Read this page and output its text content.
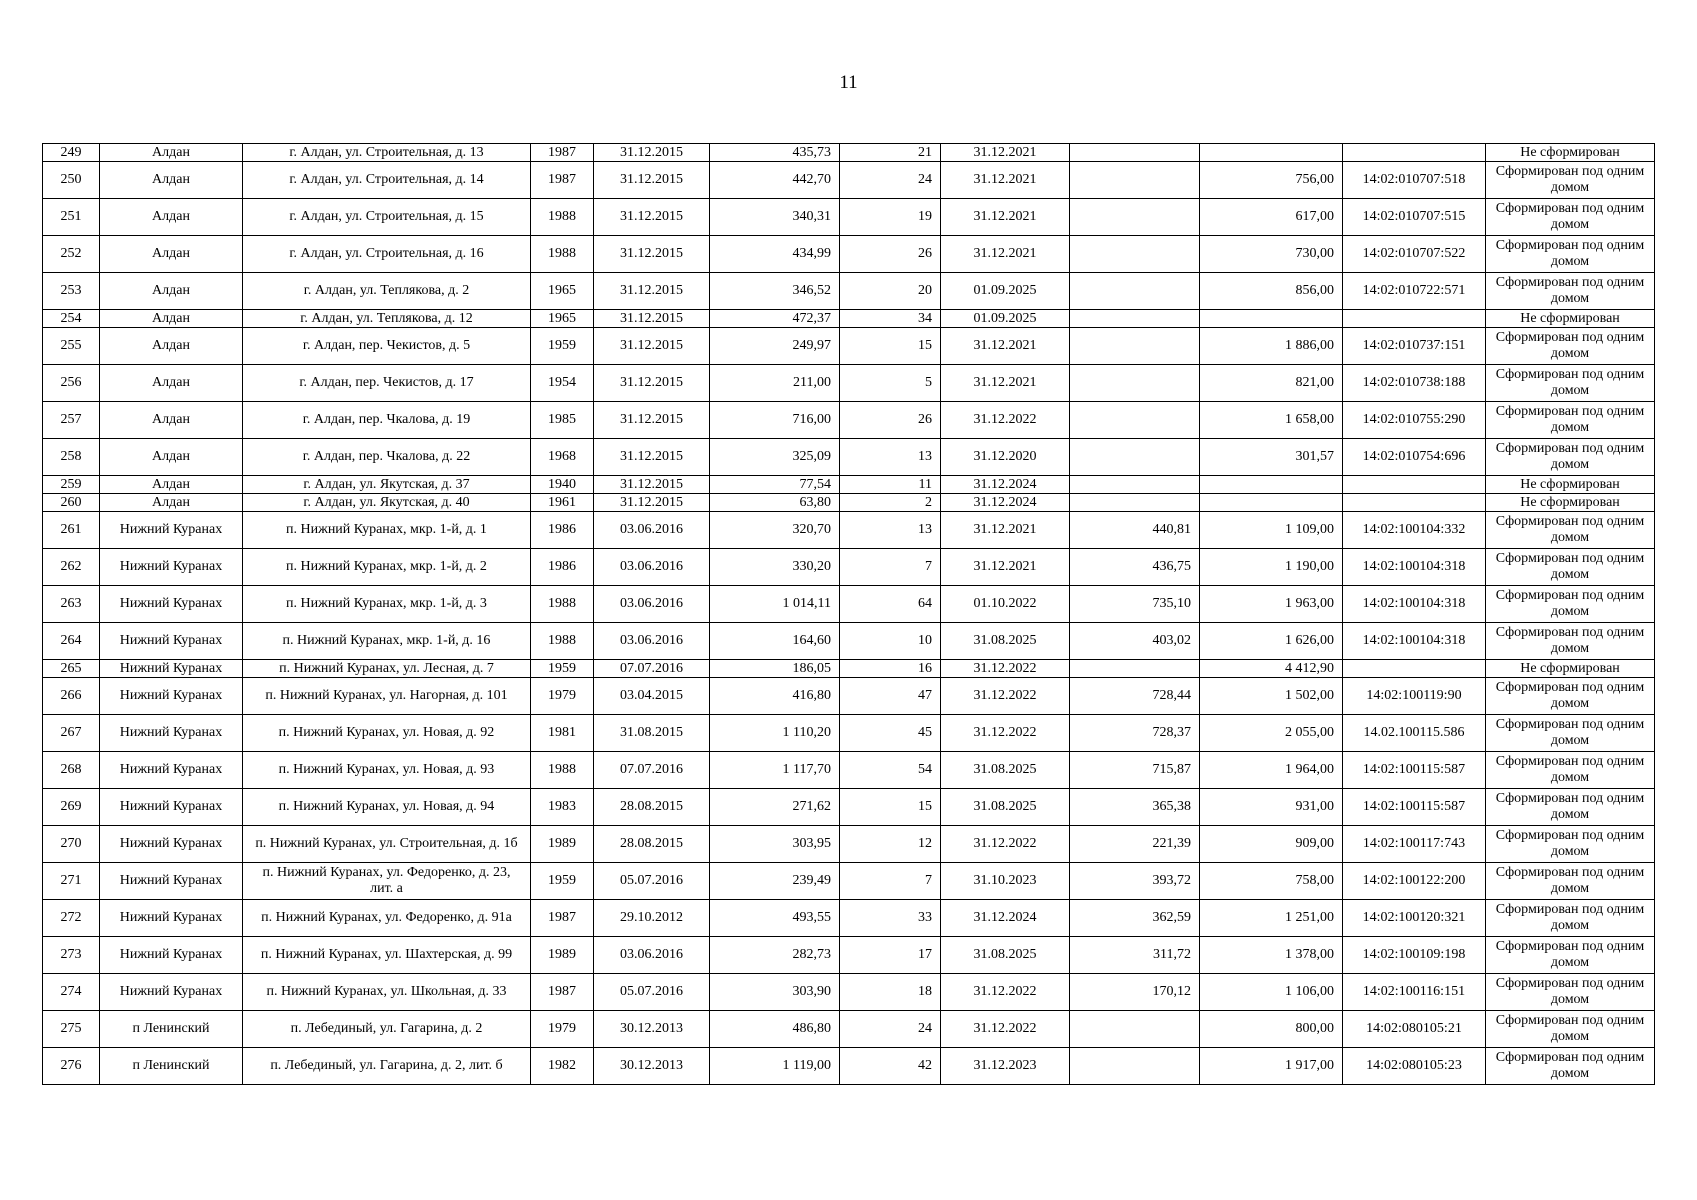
11
249	Алдан	г. Алдан, ул. Строительная, д. 13	1987	31.12.2015	435,73	21	31.12.2021				Не сформирован
250	Алдан	г. Алдан, ул. Строительная, д. 14	1987	31.12.2015	442,70	24	31.12.2021		756,00	14:02:010707:518	Сформирован под одним домом
251	Алдан	г. Алдан, ул. Строительная, д. 15	1988	31.12.2015	340,31	19	31.12.2021		617,00	14:02:010707:515	Сформирован под одним домом
252	Алдан	г. Алдан, ул. Строительная, д. 16	1988	31.12.2015	434,99	26	31.12.2021		730,00	14:02:010707:522	Сформирован под одним домом
253	Алдан	г. Алдан, ул. Теплякова, д. 2	1965	31.12.2015	346,52	20	01.09.2025		856,00	14:02:010722:571	Сформирован под одним домом
254	Алдан	г. Алдан, ул. Теплякова, д. 12	1965	31.12.2015	472,37	34	01.09.2025				Не сформирован
255	Алдан	г. Алдан, пер. Чекистов, д. 5	1959	31.12.2015	249,97	15	31.12.2021		1 886,00	14:02:010737:151	Сформирован под одним домом
256	Алдан	г. Алдан, пер. Чекистов, д. 17	1954	31.12.2015	211,00	5	31.12.2021		821,00	14:02:010738:188	Сформирован под одним домом
257	Алдан	г. Алдан, пер. Чкалова, д. 19	1985	31.12.2015	716,00	26	31.12.2022		1 658,00	14:02:010755:290	Сформирован под одним домом
258	Алдан	г. Алдан, пер. Чкалова, д. 22	1968	31.12.2015	325,09	13	31.12.2020		301,57	14:02:010754:696	Сформирован под одним домом
259	Алдан	г. Алдан, ул. Якутская, д. 37	1940	31.12.2015	77,54	11	31.12.2024				Не сформирован
260	Алдан	г. Алдан, ул. Якутская, д. 40	1961	31.12.2015	63,80	2	31.12.2024				Не сформирован
261	Нижний Куранах	п. Нижний Куранах, мкр. 1-й, д. 1	1986	03.06.2016	320,70	13	31.12.2021	440,81	1 109,00	14:02:100104:332	Сформирован под одним домом
262	Нижний Куранах	п. Нижний Куранах, мкр. 1-й, д. 2	1986	03.06.2016	330,20	7	31.12.2021	436,75	1 190,00	14:02:100104:318	Сформирован под одним домом
263	Нижний Куранах	п. Нижний Куранах, мкр. 1-й, д. 3	1988	03.06.2016	1 014,11	64	01.10.2022	735,10	1 963,00	14:02:100104:318	Сформирован под одним домом
264	Нижний Куранах	п. Нижний Куранах, мкр. 1-й, д. 16	1988	03.06.2016	164,60	10	31.08.2025	403,02	1 626,00	14:02:100104:318	Сформирован под одним домом
265	Нижний Куранах	п. Нижний Куранах, ул. Лесная, д. 7	1959	07.07.2016	186,05	16	31.12.2022		4 412,90		Не сформирован
266	Нижний Куранах	п. Нижний Куранах, ул. Нагорная, д. 101	1979	03.04.2015	416,80	47	31.12.2022	728,44	1 502,00	14:02:100119:90	Сформирован под одним домом
267	Нижний Куранах	п. Нижний Куранах, ул. Новая, д. 92	1981	31.08.2015	1 110,20	45	31.12.2022	728,37	2 055,00	14.02.100115.586	Сформирован под одним домом
268	Нижний Куранах	п. Нижний Куранах, ул. Новая, д. 93	1988	07.07.2016	1 117,70	54	31.08.2025	715,87	1 964,00	14:02:100115:587	Сформирован под одним домом
269	Нижний Куранах	п. Нижний Куранах, ул. Новая, д. 94	1983	28.08.2015	271,62	15	31.08.2025	365,38	931,00	14:02:100115:587	Сформирован под одним домом
270	Нижний Куранах	п. Нижний Куранах, ул. Строительная, д. 1б	1989	28.08.2015	303,95	12	31.12.2022	221,39	909,00	14:02:100117:743	Сформирован под одним домом
271	Нижний Куранах	п. Нижний Куранах, ул. Федоренко, д. 23, лит. а	1959	05.07.2016	239,49	7	31.10.2023	393,72	758,00	14:02:100122:200	Сформирован под одним домом
272	Нижний Куранах	п. Нижний Куранах, ул. Федоренко, д. 91а	1987	29.10.2012	493,55	33	31.12.2024	362,59	1 251,00	14:02:100120:321	Сформирован под одним домом
273	Нижний Куранах	п. Нижний Куранах, ул. Шахтерская, д. 99	1989	03.06.2016	282,73	17	31.08.2025	311,72	1 378,00	14:02:100109:198	Сформирован под одним домом
274	Нижний Куранах	п. Нижний Куранах, ул. Школьная, д. 33	1987	05.07.2016	303,90	18	31.12.2022	170,12	1 106,00	14:02:100116:151	Сформирован под одним домом
275	п Ленинский	п. Лебединый, ул. Гагарина, д. 2	1979	30.12.2013	486,80	24	31.12.2022		800,00	14:02:080105:21	Сформирован под одним домом
276	п Ленинский	п. Лебединый, ул. Гагарина, д. 2, лит. б	1982	30.12.2013	1 119,00	42	31.12.2023		1 917,00	14:02:080105:23	Сформирован под одним домом
